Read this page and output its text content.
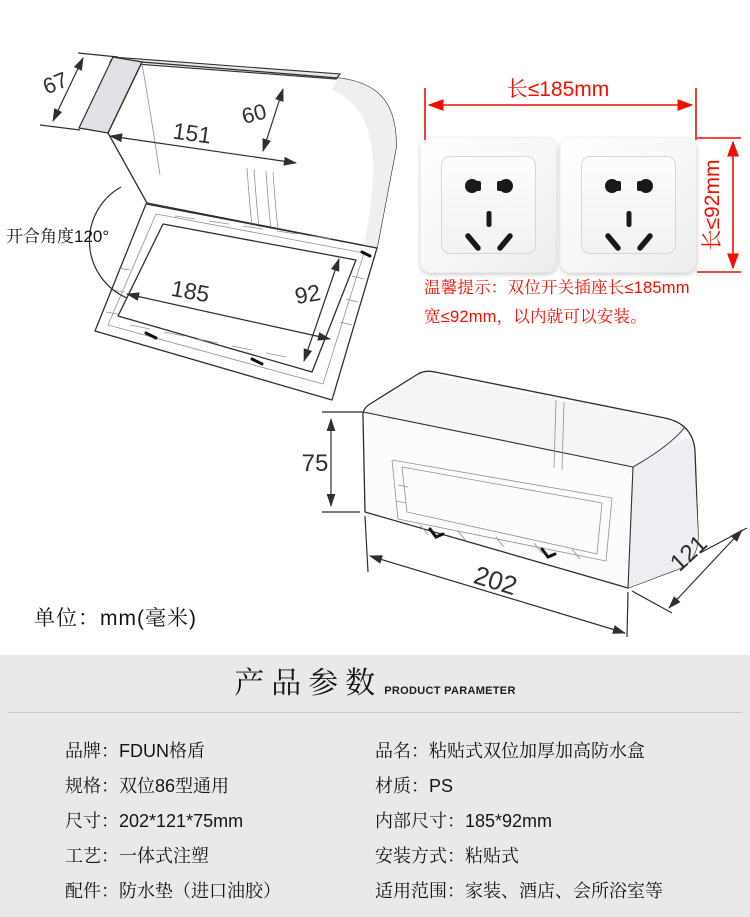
67
151
60
开合角度120°
185	92
75
202
121
长≤185mm
长≤92mm
温馨提示：双位开关插座长≤185mm
宽≤92mm，以内就可以安装。
单位：mm(毫米)
产品参数 PRODUCT PARAMETER
品牌：FDUN格盾	品名：粘贴式双位加厚加高防水盒
规格：双位86型通用	材质：PS
尺寸：202*121*75mm	内部尺寸：185*92mm
工艺：一体式注塑	安装方式：粘贴式
配件：防水垫（进口油胶）	适用范围：家装、酒店、会所浴室等
